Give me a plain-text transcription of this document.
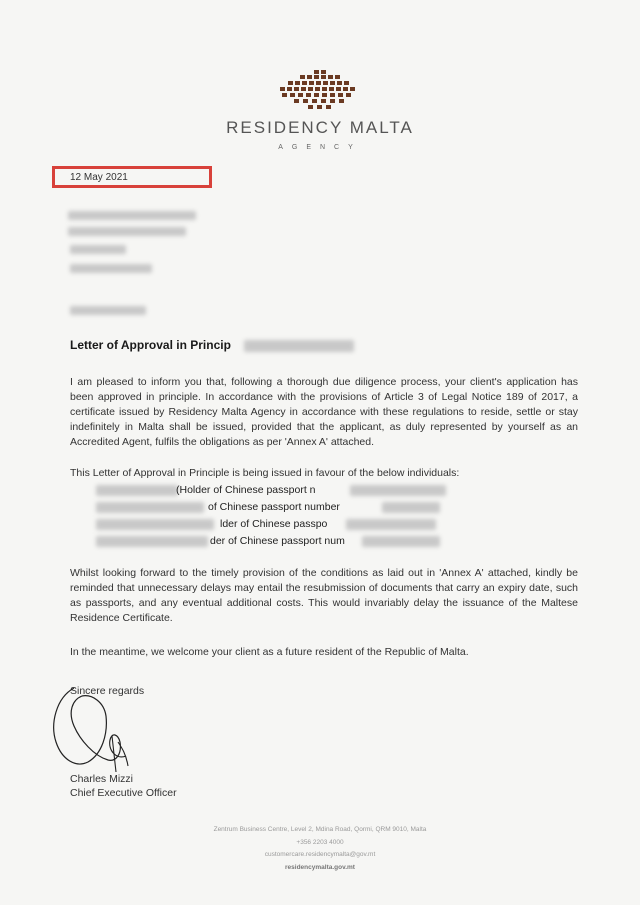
RESIDENCY MALTA
AGENCY
12 May 2021
Letter of Approval in Princip
I am pleased to inform you that, following a thorough due diligence process, your client's application has been approved in principle. In accordance with the provisions of Article 3 of Legal Notice 189 of 2017, a certificate issued by Residency Malta Agency in accordance with these regulations to reside, settle or stay indefinitely in Malta shall be issued, provided that the applicant, as duly represented by yourself as an Accredited Agent, fulfils the obligations as per 'Annex A' attached.
This Letter of Approval in Principle is being issued in favour of the below individuals:
(Holder of Chinese passport n
of Chinese passport number
lder of Chinese passpo
der of Chinese passport num
Whilst looking forward to the timely provision of the conditions as laid out in 'Annex A' attached, kindly be reminded that unnecessary delays may entail the resubmission of documents that carry an expiry date, such as passports, and any eventual additional costs. This would invariably delay the issuance of the Maltese Residence Certificate.
In the meantime, we welcome your client as a future resident of the Republic of Malta.
Sincere regards
Charles Mizzi
Chief Executive Officer
Zentrum Business Centre, Level 2, Mdina Road, Qormi, QRM 9010, Malta
+356 2203 4000
customercare.residencymalta@gov.mt
residencymalta.gov.mt
